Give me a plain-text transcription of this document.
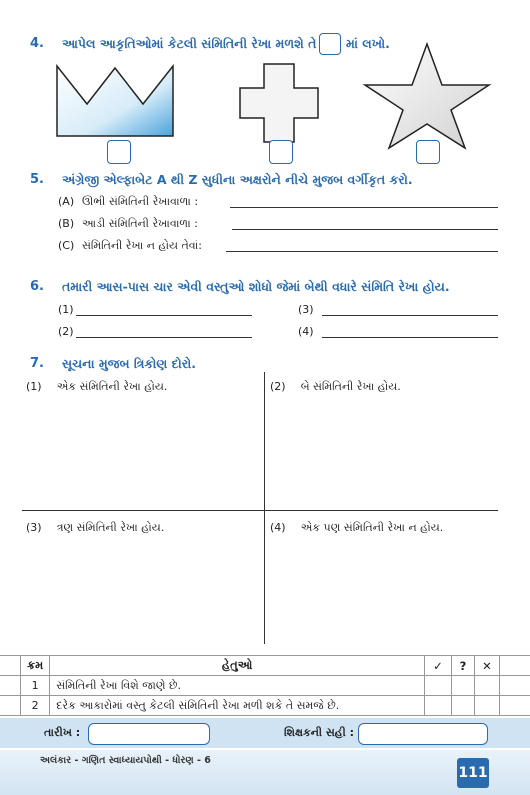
4. આપેલ આકૃતિઓમાં કેટલી સંમિતિની રેખા મળશે તે માં લખો.
5. અંગ્રેજી એલ્ફાબેટ A થી Z સુધીના અક્ષરોને નીચે મુજબ વર્ગીકૃત કરો.
(A) ઊભી સંમિતિની રેખાવાળા :
(B) આડી સંમિતિની રેખાવાળા :
(C) સંમિતિની રેખા ન હોય તેવાં:
6. તમારી આસ-પાસ ચાર એવી વસ્તુઓ શોધો જેમાં બેથી વધારે સંમિતિ રેખા હોય.
(1)	(3)
(2)	(4)
7. સૂચના મુજબ ત્રિકોણ દોરો.
(1) એક સંમિતિની રેખા હોય.	(2) બે સંમિતિની રેખા હોય.
(3) ત્રણ સંમિતિની રેખા હોય.	(4) એક પણ સંમિતિની રેખા ન હોય.
	ક્રમ	હેતુઓ	✓	?	✕	
	1	સંમિતિની રેખા વિશે જાણે છે.				
	2	દરેક આકારોમાં વસ્તુ કેટલી સંમિતિની રેખા મળી શકે તે સમજે છે.				
તારીખ :	શિક્ષકની સહી :
અલંકાર - ગણિત સ્વાધ્યાયપોથી - ધોરણ - 6
111
